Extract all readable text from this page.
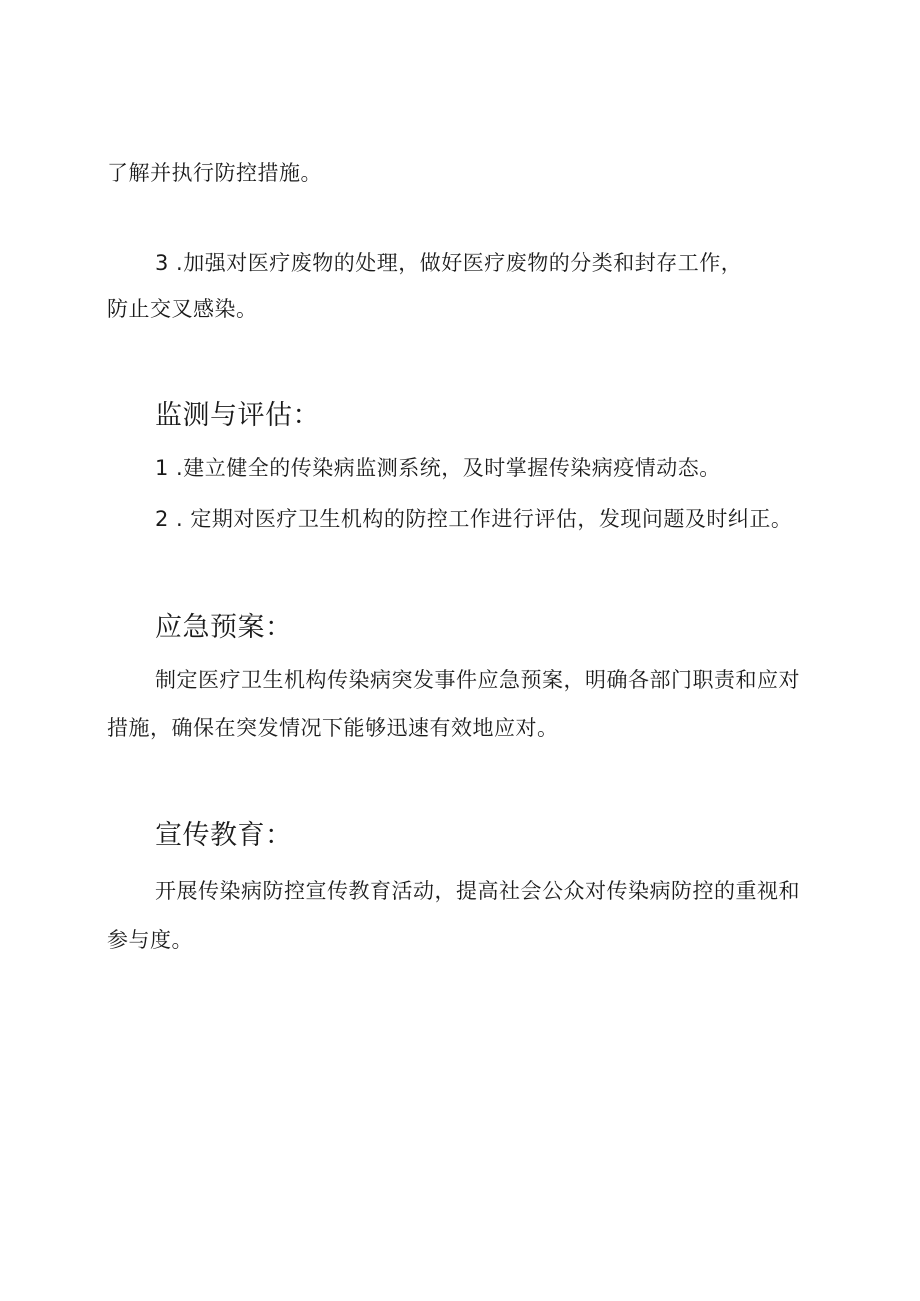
了解并执行防控措施。

3 .加强对医疗废物的处理，做好医疗废物的分类和封存工作，

防止交叉感染。

监测与评估：

1 .建立健全的传染病监测系统，及时掌握传染病疫情动态。

2 . 定期对医疗卫生机构的防控工作进行评估，发现问题及时纠正。

应急预案：

制定医疗卫生机构传染病突发事件应急预案，明确各部门职责和应对

措施，确保在突发情况下能够迅速有效地应对。

宣传教育：

开展传染病防控宣传教育活动，提高社会公众对传染病防控的重视和

参与度。
